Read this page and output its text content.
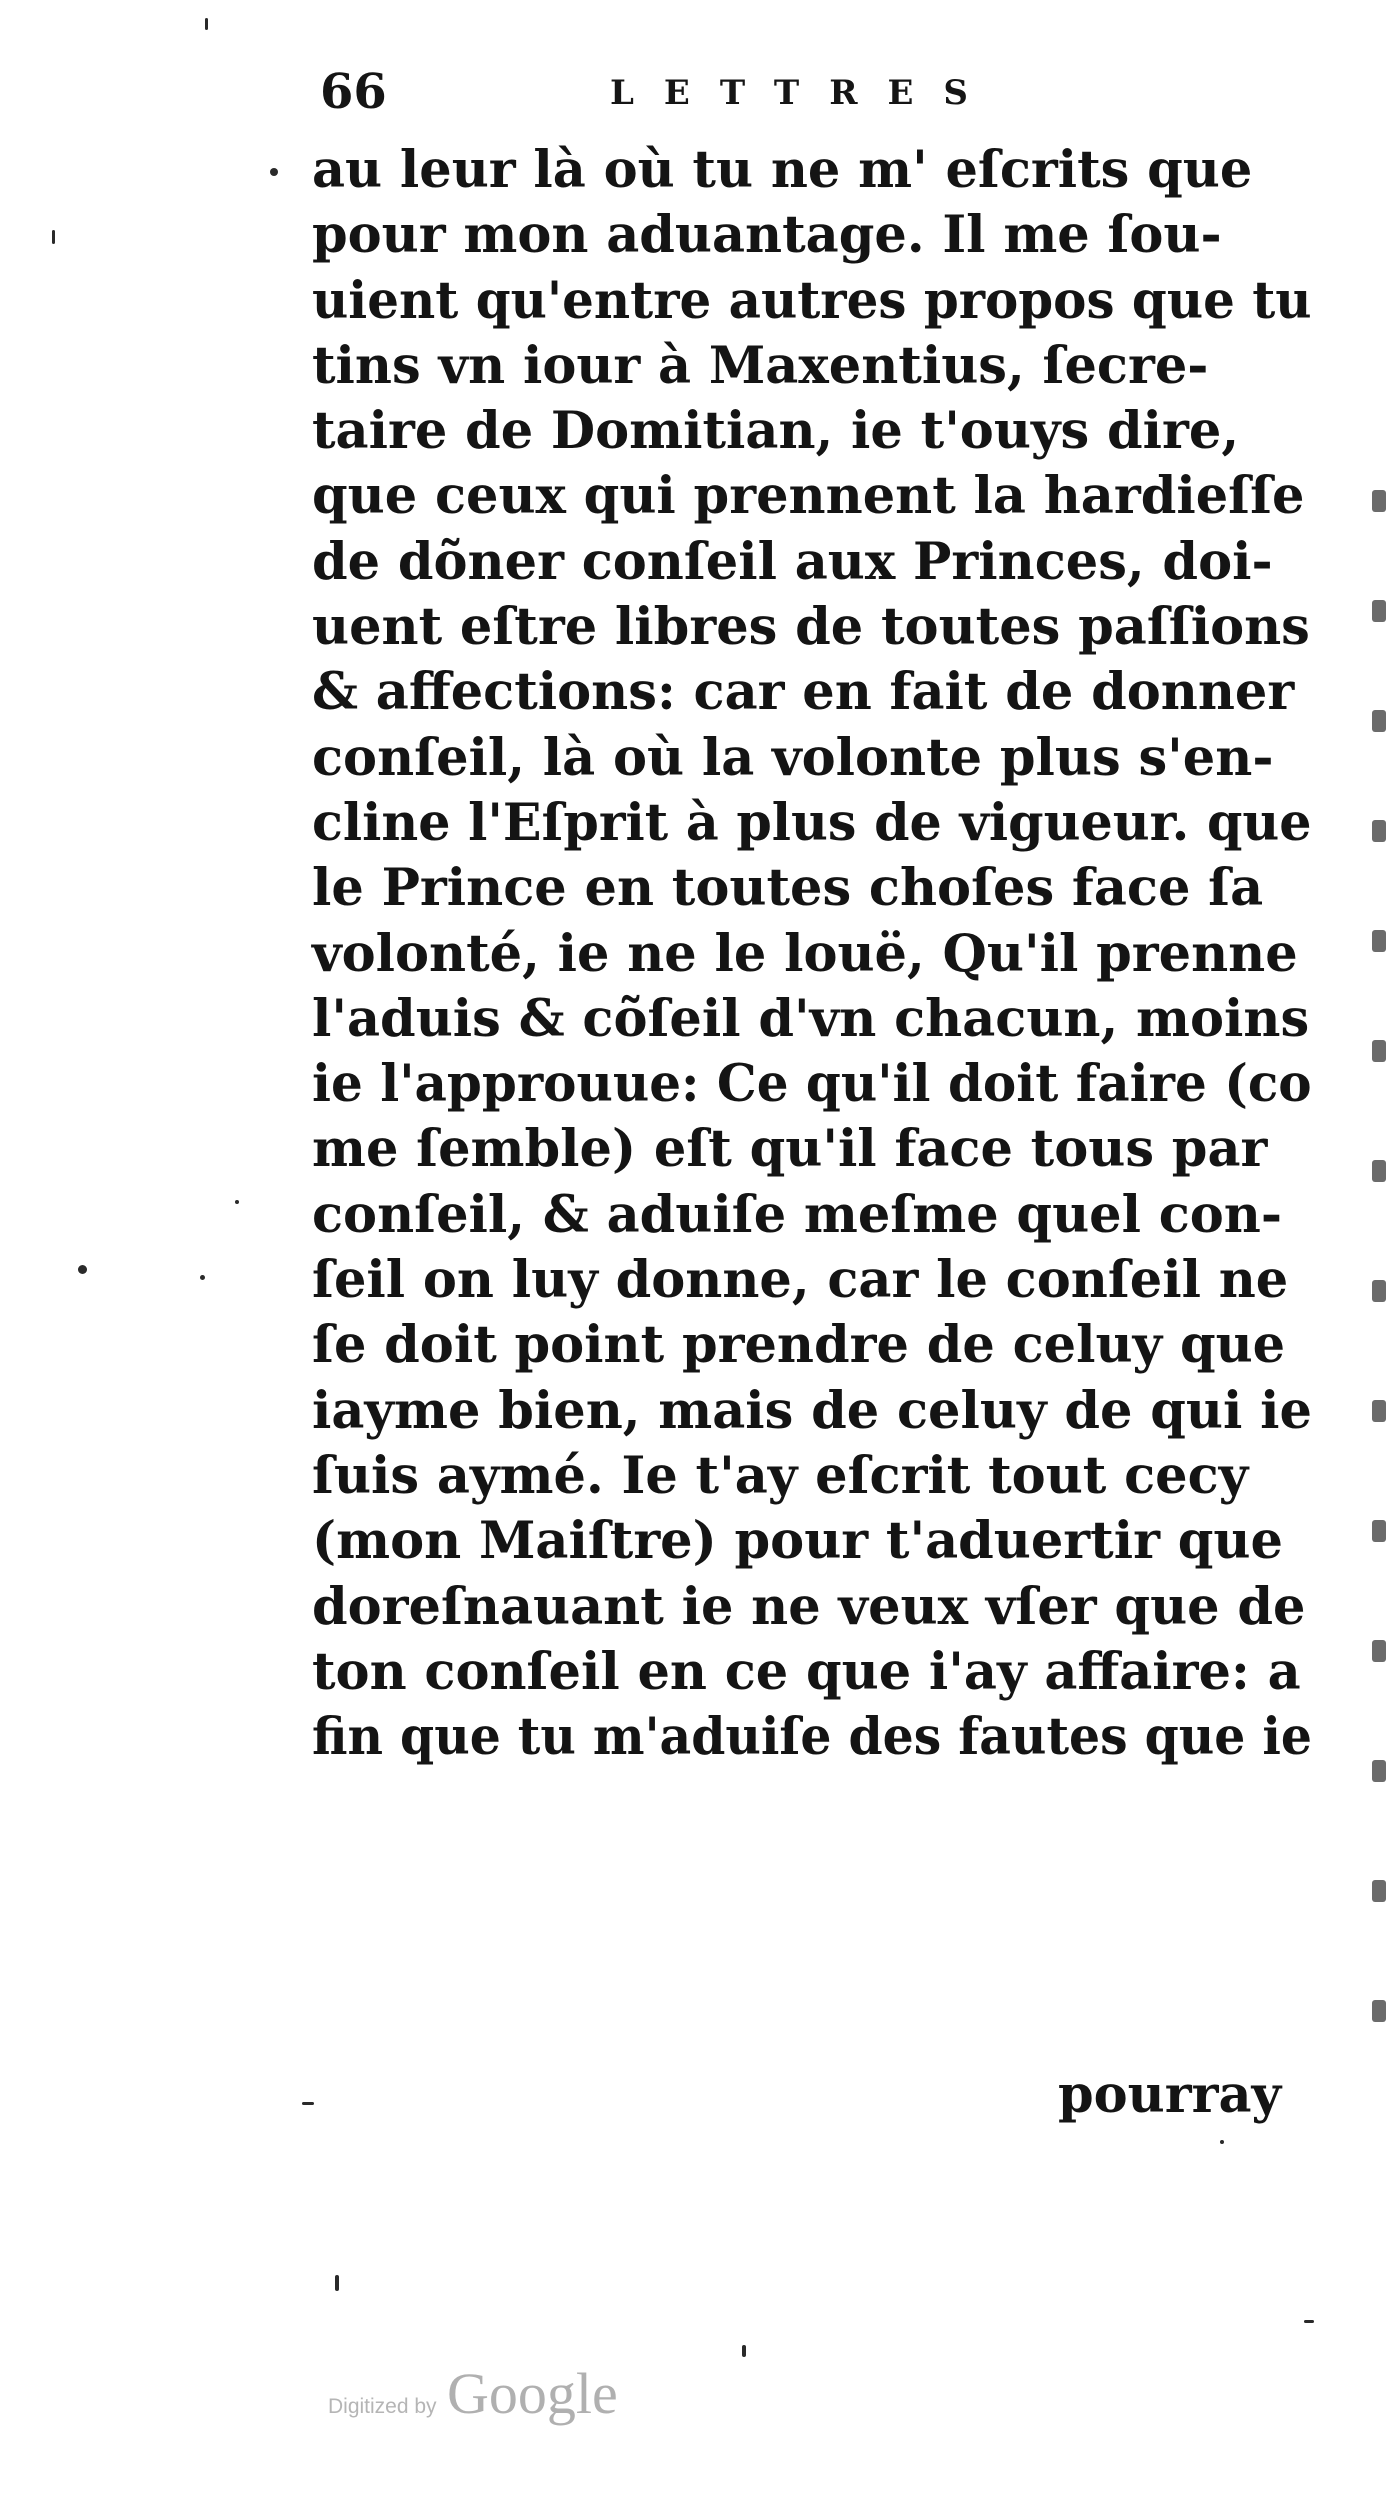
66	LETTRES
au leur là où tu ne m' eſcrits que
pour mon aduantage. Il me ſou-
uient qu'entre autres propos que tu
tins vn iour à Maxentius, ſecre-
taire de Domitian, ie t'ouys dire,
que ceux qui prennent la hardieſſe
de dõner conſeil aux Princes, doi-
uent eſtre libres de toutes paſſions
& affections: car en fait de donner
conſeil, là où la volonte plus s'en-
cline l'Eſprit à plus de vigueur. que
le Prince en toutes choſes face ſa
volonté, ie ne le louë, Qu'il prenne
l'aduis & cõſeil d'vn chacun, moins
ie l'approuue: Ce qu'il doit faire (co
me ſemble) eſt qu'il face tous par
conſeil, & aduiſe meſme quel con-
ſeil on luy donne, car le conſeil ne
ſe doit point prendre de celuy que
iayme bien, mais de celuy de qui ie
ſuis aymé. Ie t'ay eſcrit tout cecy
(mon Maiſtre) pour t'aduertir que
doreſnauant ie ne veux vſer que de
ton conſeil en ce que i'ay affaire: a
fin que tu m'aduiſe des fautes que ie
pourray
Digitized by Google
